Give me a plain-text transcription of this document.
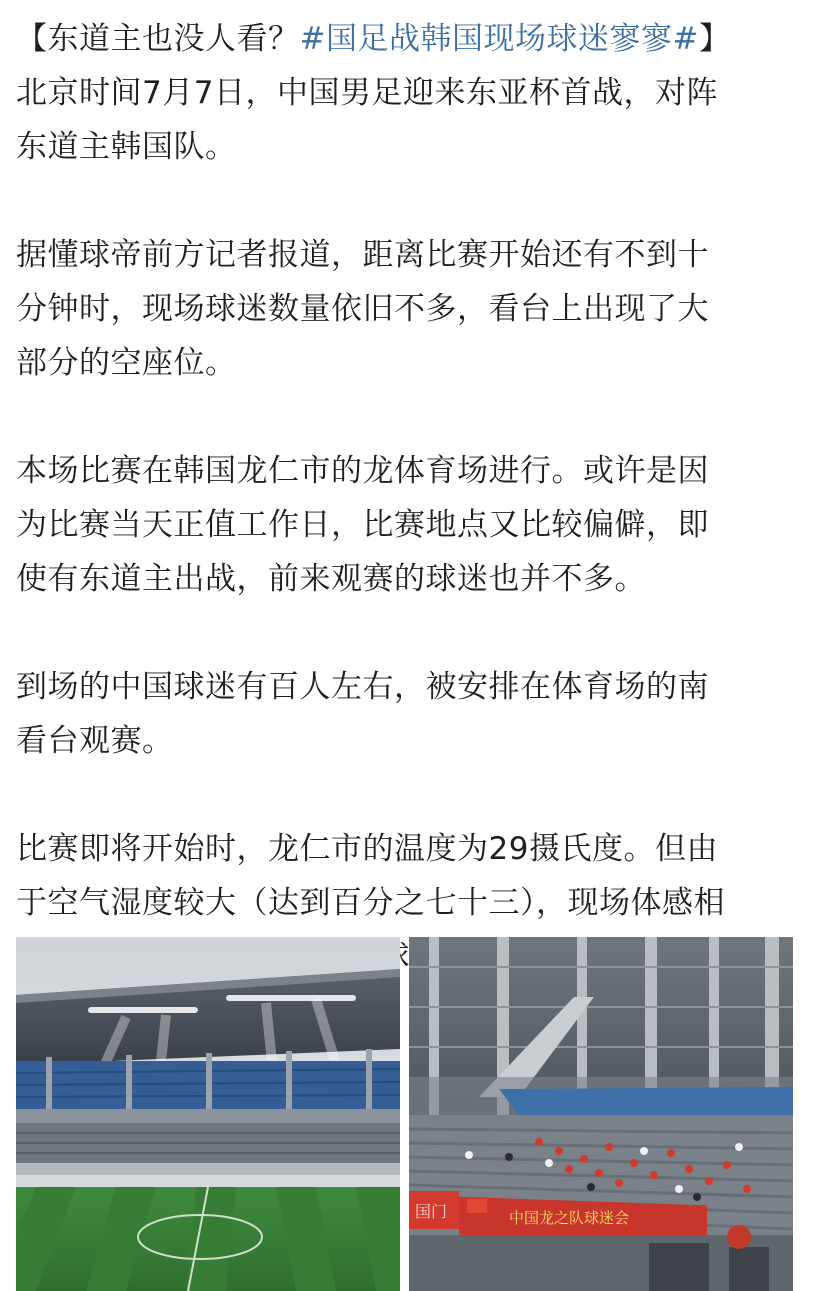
【东道主也没人看？#国足战韩国现场球迷寥寥#】
北京时间7月7日，中国男足迎来东亚杯首战，对阵
东道主韩国队。
据懂球帝前方记者报道，距离比赛开始还有不到十
分钟时，现场球迷数量依旧不多，看台上出现了大
部分的空座位。
本场比赛在韩国龙仁市的龙体育场进行。或许是因
为比赛当天正值工作日，比赛地点又比较偏僻，即
使有东道主出战，前来观赛的球迷也并不多。
到场的中国球迷有百人左右，被安排在体育场的南
看台观赛。
比赛即将开始时，龙仁市的温度为29摄氏度。但由
于空气湿度较大（达到百分之七十三），现场体感相
中国龙之队球迷会
国门
